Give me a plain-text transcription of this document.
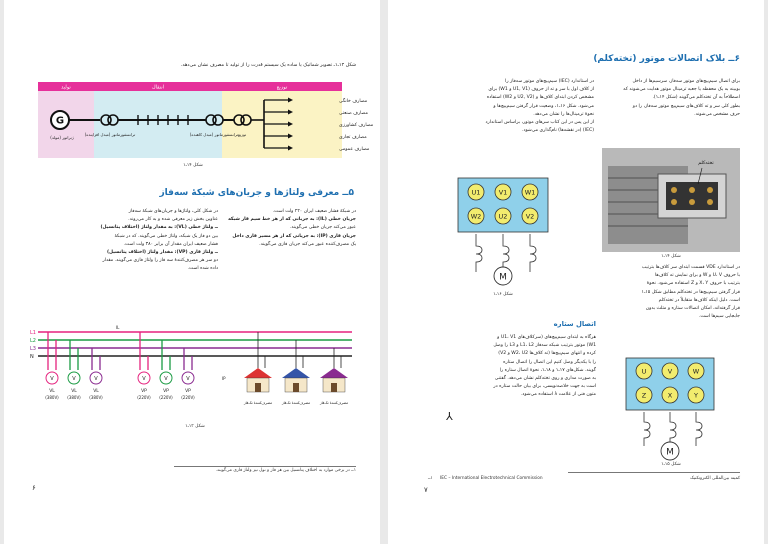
شکل ۱۴ـ۱ـ تصویر شماتیک یا ساده یک سیستم قدرت را از تولید تا مصرف نشان می‌دهد.
تولید	انتقال	توزیع
G
مصارف خانگی
مصارف صنعتی
مصارف کشاورزی
مصارف تجاری
مصارف عمومی
ژنراتور (مولد)
ترانسفورماتور (مبدل افزاینده)	ترانسفورماتور (مبدل کاهنده) توزیع
شکل ۱۴ـ۱
۵ــ معرفی ولتاژها و جریان‌های شبکهٔ سه‌فاز
در شبکهٔ فشار ضعیف ایران ۲۲۰ ولت است.
جریان خطی (IL): به جریانی که از هر خط سیم فاز شبکه
عبور می‌کند جریان خطی می‌گویند.
جریان فازی (IP): به جریانی که از هر مسیر فازی داخل
یک مصرف‌کننده عبور می‌کند جریان فازی می‌گویند.
در شکل کلی، ولتاژها و جریان‌های شبکهٔ سه‌فاز
عناوین بخش زیر معرفی شده و به کار می‌روند.
ــ ولتاژ خطی (VL): به مقدار ولتاژ (اختلاف پتانسیل)
بین دو فاز یک شبکه، ولتاژ خطی می‌گویند. که در شبکهٔ
فشار ضعیف ایران مقدار آن برابر ۳۸۰ ولت است.
ــ ولتاژ فازی (VP): مقدار ولتاژ (اختلاف پتانسیل)
دو سر هر مصرف‌کنندهٔ سه فاز را ولتاژ فازی می‌گویند. مقدار
داده شده است.
L1
L2
L3
N
IL
IP
V
VL
(380V)
V
VL
(380V)
V
VL
(380V)
V
VP
(220V)
V
VP
(220V)
V
VP
(220V)
مصرف‌کنندهٔ تک‌فاز	مصرف‌کنندهٔ تک‌فاز	مصرف‌کنندهٔ تک‌فاز
شکل ۱۳ـ۱
۱ــ در برخی موارد به اختلاف پتانسیل بین هر فاز و نول نیز ولتاژ فازی می‌گویند.
۶
۶ــ بلاک اتصالات موتور (تخته‌کلم)
برای اتصال سیم‌پیچ‌های موتور سه‌فاز، سرسیم‌ها از داخل
بوبینه به یک محفظه یا جعبه ترمینال موتور هدایت می‌شوند که
اصطلاحاً به آن تخته‌کلم می‌گویند (شکل ۱۴ـ۱).
بطور کلی سر و ته کلاف‌های سیم‌پیچ موتور سه‌فاز، را دو
حرف مشخص می‌شوند.
تخته‌کلم
شکل ۱۴ـ۱
در استاندارد (IEC) سیم‌پیچ‌های موتور سه‌فاز را
از کلاف اول با سر و ته از حروف (U1, V1 و W1) برای
مشخص کردن ابتدای کلاف‌ها و (U2, V2 و W2) استفاده
می‌شود. شکل ۱۶ـ۱، وضعیت قرار گرفتن سیم‌پیچ‌ها و
نحوهٔ ترمینال‌ها را نشان می‌دهد.
از این پس در این کتاب سرهای موتور، براساس استاندارد
(IEC) (در نقشه‌ها) نام‌گذاری می‌شود.
U1	V1	W1
W2	U2	V2
M
شکل ۱۶ـ۱
در استاندارد VDE قسمت ابتدای سر کلاف‌ها بترتیب
با حروف U، V و W و برای نمایش ته کلاف‌ها
بترتیب با حروف X، Y و Z استفاده می‌شود. نحوهٔ
قرار گرفتن سیم‌پیچ‌ها در تخته‌کلم مطابق شکل ۱۵ـ۱
است. دلیل اینکه کلاف‌ها متقابلاً در تخته‌کلم
قرار گرفته‌اند، امکان اتصالات ستاره و مثلث بدون
جابجایی سیم‌ها است.
U	V	W
Z	X	Y
M
شکل ۱۵ـ۱
اتصال ستاره
هرگاه به ابتدای سیم‌پیچ‌های (سرکلاف‌های U1، V1 و
W1) موتور بترتیب شبکه سه‌فاز L1، L2 و L3 را وصل
کرده و انتهای سیم‌پیچ‌ها (ته کلاف‌ها W2، U2 و V2)
را با یکدیگر وصل کنیم این اتصال را اتصال ستاره
گویند. شکل‌های ۱۷ـ۱ و ۱۸ـ۱، نحوهٔ اتصال ستاره را
به صورت مداری و روی تخته‌کلم نشان می‌دهد. گفتنی
است به جهت خلاصه‌نویسی، برای بیان حالت ستاره در
متون فنی از علامت λ استفاده می‌شود.
⅄
۱ــ IEC – International Electrotechnical Commission	کمیته بین‌المللی الکتروتکنیک
۷
